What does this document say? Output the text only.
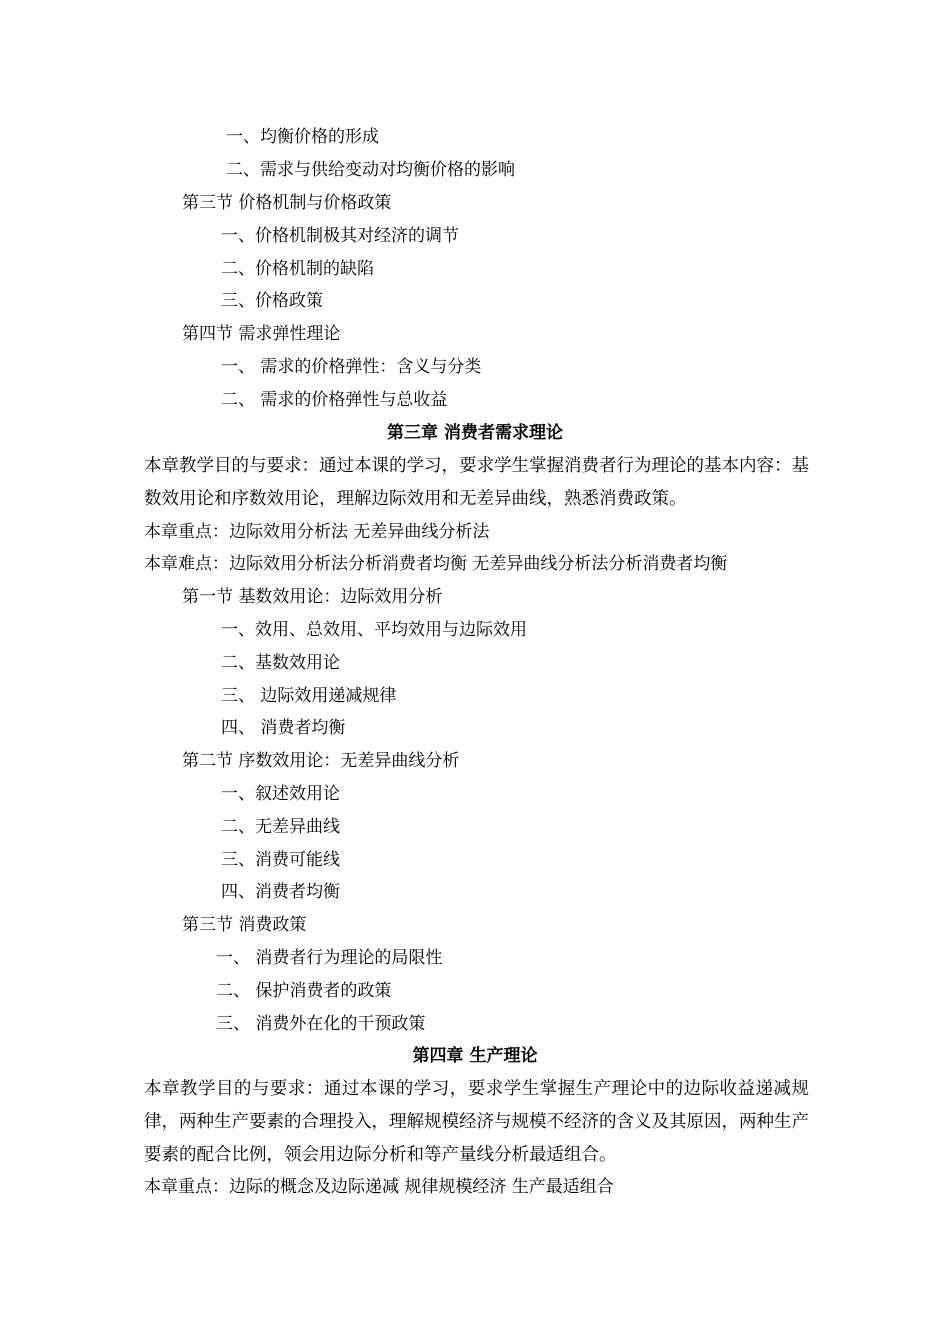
一、均衡价格的形成
二、需求与供给变动对均衡价格的影响
第三节 价格机制与价格政策
一、价格机制极其对经济的调节
二、价格机制的缺陷
三、价格政策
第四节 需求弹性理论
一、 需求的价格弹性：含义与分类
二、 需求的价格弹性与总收益
第三章 消费者需求理论
本章教学目的与要求：通过本课的学习，要求学生掌握消费者行为理论的基本内容：基数效用论和序数效用论，理解边际效用和无差异曲线，熟悉消费政策。
本章重点：边际效用分析法 无差异曲线分析法
本章难点：边际效用分析法分析消费者均衡 无差异曲线分析法分析消费者均衡
第一节 基数效用论：边际效用分析
一、效用、总效用、平均效用与边际效用
二、基数效用论
三、 边际效用递减规律
四、 消费者均衡
第二节 序数效用论：无差异曲线分析
一、叙述效用论
二、无差异曲线
三、消费可能线
四、消费者均衡
第三节 消费政策
一、 消费者行为理论的局限性
二、 保护消费者的政策
三、 消费外在化的干预政策
第四章 生产理论
本章教学目的与要求：通过本课的学习，要求学生掌握生产理论中的边际收益递减规律，两种生产要素的合理投入，理解规模经济与规模不经济的含义及其原因，两种生产要素的配合比例，领会用边际分析和等产量线分析最适组合。
本章重点：边际的概念及边际递减 规律规模经济 生产最适组合
